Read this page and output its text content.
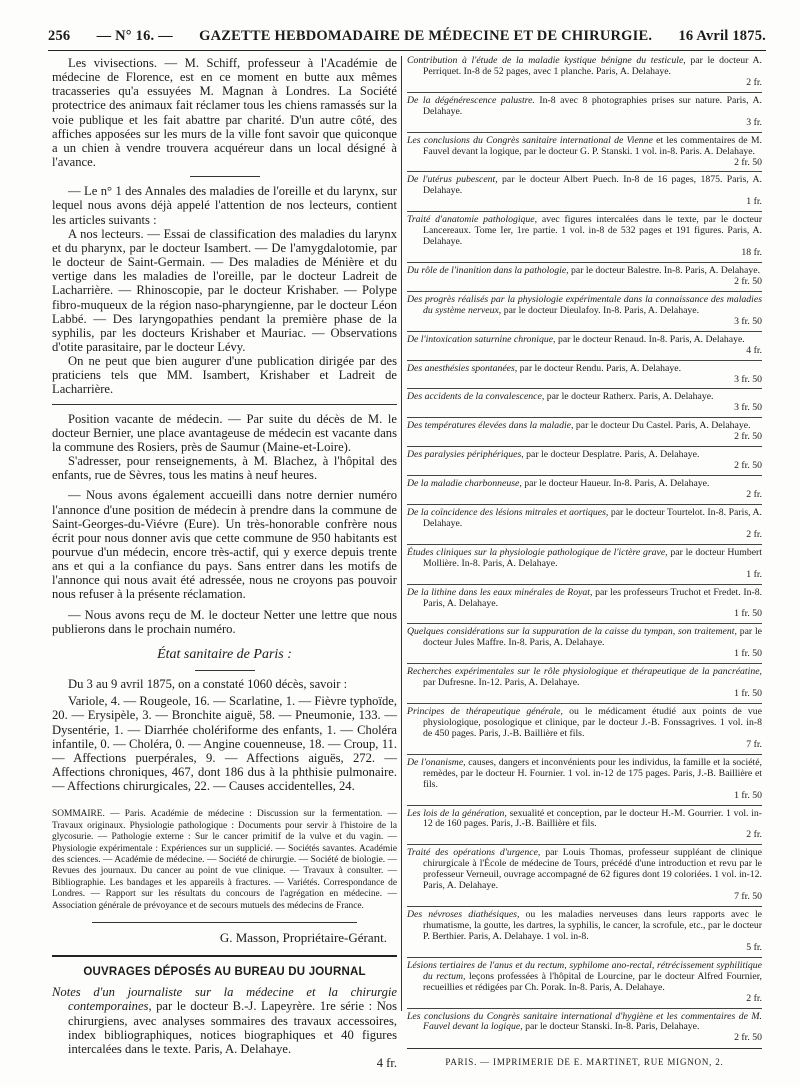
256 — N° 16. — GAZETTE HEBDOMADAIRE DE MÉDECINE ET DE CHIRURGIE. 16 Avril 1875.

Les vivisections. — M. Schiff, professeur à l'Académie de médecine de Florence, est en ce moment en butte aux mêmes tracasseries qu'a essuyées M. Magnan à Londres. La Société protectrice des animaux fait réclamer tous les chiens ramassés sur la voie publique et les fait abattre par charité. D'un autre côté, des affiches apposées sur les murs de la ville font savoir que quiconque a un chien à vendre trouvera acquéreur dans un local désigné à l'avance.

— Le n° 1 des Annales des maladies de l'oreille et du larynx, sur lequel nous avons déjà appelé l'attention de nos lecteurs, contient les articles suivants :

A nos lecteurs. — Essai de classification des maladies du larynx et du pharynx, par le docteur Isambert. — De l'amygdalotomie, par le docteur de Saint-Germain. — Des maladies de Ménière et du vertige dans les maladies de l'oreille, par le docteur Ladreit de Lacharrière. — Rhinoscopie, par le docteur Krishaber. — Polype fibro-muqueux de la région naso-pharyngienne, par le docteur Léon Labbé. — Des laryngopathies pendant la première phase de la syphilis, par les docteurs Krishaber et Mauriac. — Observations d'otite parasitaire, par le docteur Lévy.

On ne peut que bien augurer d'une publication dirigée par des praticiens tels que MM. Isambert, Krishaber et Ladreit de Lacharrière.

Position vacante de médecin. — Par suite du décès de M. le docteur Bernier, une place avantageuse de médecin est vacante dans la commune des Rosiers, près de Saumur (Maine-et-Loire).

S'adresser, pour renseignements, à M. Blachez, à l'hôpital des enfants, rue de Sèvres, tous les matins à neuf heures.

— Nous avons également accueilli dans notre dernier numéro l'annonce d'une position de médecin à prendre dans la commune de Saint-Georges-du-Viévre (Eure). Un très-honorable confrère nous écrit pour nous donner avis que cette commune de 950 habitants est pourvue d'un médecin, encore très-actif, qui y exerce depuis trente ans et qui a la confiance du pays. Sans entrer dans les motifs de l'annonce qui nous avait été adressée, nous ne croyons pas pouvoir nous refuser à la présente réclamation.

— Nous avons reçu de M. le docteur Netter une lettre que nous publierons dans le prochain numéro.

État sanitaire de Paris :

Du 3 au 9 avril 1875, on a constaté 1060 décès, savoir :

Variole, 4. — Rougeole, 16. — Scarlatine, 1. — Fièvre typhoïde, 20. — Erysipèle, 3. — Bronchite aiguë, 58. — Pneumonie, 133. — Dysentérie, 1. — Diarrhée cholériforme des enfants, 1. — Choléra infantile, 0. — Choléra, 0. — Angine couenneuse, 18. — Croup, 11. — Affections puerpérales, 9. — Affections aiguës, 272. — Affections chroniques, 467, dont 186 dus à la phthisie pulmonaire. — Affections chirurgicales, 22. — Causes accidentelles, 24.

SOMMAIRE. — Paris. Académie de médecine : Discussion sur la fermentation. — Travaux originaux. Physiologie pathologique : Documents pour servir à l'histoire de la glycosurie. — Pathologie externe : Sur le cancer primitif de la vulve et du vagin. — Physiologie expérimentale : Expériences sur un supplicié. — Sociétés savantes. Académie des sciences. — Académie de médecine. — Société de chirurgie. — Société de biologie. — Revues des journaux. Du cancer au point de vue clinique. — Travaux à consulter. — Bibliographie. Les bandages et les appareils à fractures. — Variétés. Correspondance de Londres. — Rapport sur les résultats du concours de l'agrégation en médecine. — Association générale de prévoyance et de secours mutuels des médecins de France.

G. Masson, Propriétaire-Gérant.

OUVRAGES DÉPOSÉS AU BUREAU DU JOURNAL

Notes d'un journaliste sur la médecine et la chirurgie contemporaines, par le docteur B.-J. Lapeyrère. 1re série : Nos chirurgiens, avec analyses sommaires des travaux accessoires, index bibliographiques, notices biographiques et 40 figures intercalées dans le texte. Paris, A. Delahaye.

4 fr.

Contribution à l'étude de la maladie kystique bénigne du testicule, par le docteur A. Perriquet. In-8 de 52 pages, avec 1 planche. Paris, A. Delahaye.

2 fr.

De la dégénérescence palustre. In-8 avec 8 photographies prises sur nature. Paris, A. Delahaye.

3 fr.

Les conclusions du Congrès sanitaire international de Vienne et les commentaires de M. Fauvel devant la logique, par le docteur G. P. Stanski. 1 vol. in-8. Paris. A. Delahaye.

2 fr. 50

De l'utérus pubescent, par le docteur Albert Puech. In-8 de 16 pages, 1875. Paris, A. Delahaye.

1 fr.

Traité d'anatomie pathologique, avec figures intercalées dans le texte, par le docteur Lancereaux. Tome Ier, 1re partie. 1 vol. in-8 de 532 pages et 191 figures. Paris, A. Delahaye.

18 fr.

Du rôle de l'inanition dans la pathologie, par le docteur Balestre. In-8. Paris, A. Delahaye.

2 fr. 50

Des progrès réalisés par la physiologie expérimentale dans la connaissance des maladies du système nerveux, par le docteur Dieulafoy. In-8. Paris, A. Delahaye.

3 fr. 50

De l'intoxication saturnine chronique, par le docteur Renaud. In-8. Paris, A. Delahaye.

4 fr.

Des anesthésies spontanées, par le docteur Rendu. Paris, A. Delahaye.

3 fr. 50

Des accidents de la convalescence, par le docteur Ratherx. Paris, A. Delahaye.

3 fr. 50

Des températures élevées dans la maladie, par le docteur Du Castel. Paris, A. Delahaye.

2 fr. 50

Des paralysies périphériques, par le docteur Desplatre. Paris, A. Delahaye.

2 fr. 50

De la maladie charbonneuse, par le docteur Haueur. In-8. Paris, A. Delahaye.

2 fr.

De la coïncidence des lésions mitrales et aortiques, par le docteur Tourtelot. In-8. Paris, A. Delahaye.

2 fr.

Études cliniques sur la physiologie pathologique de l'ictère grave, par le docteur Humbert Mollière. In-8. Paris, A. Delahaye.

1 fr.

De la lithine dans les eaux minérales de Royat, par les professeurs Truchot et Fredet. In-8. Paris, A. Delahaye.

1 fr. 50

Quelques considérations sur la suppuration de la caisse du tympan, son traitement, par le docteur Jules Maffre. In-8. Paris, A. Delahaye.

1 fr. 50

Recherches expérimentales sur le rôle physiologique et thérapeutique de la pancréatine, par Dufresne. In-12. Paris, A. Delahaye.

1 fr. 50

Principes de thérapeutique générale, ou le médicament étudié aux points de vue physiologique, posologique et clinique, par le docteur J.-B. Fonssagrives. 1 vol. in-8 de 450 pages. Paris, J.-B. Baillière et fils.

7 fr.

De l'onanisme, causes, dangers et inconvénients pour les individus, la famille et la société, remèdes, par le docteur H. Fournier. 1 vol. in-12 de 175 pages. Paris, J.-B. Baillière et fils.

1 fr. 50

Les lois de la génération, sexualité et conception, par le docteur H.-M. Gourrier. 1 vol. in-12 de 160 pages. Paris, J.-B. Baillière et fils.

2 fr.

Traité des opérations d'urgence, par Louis Thomas, professeur suppléant de clinique chirurgicale à l'École de médecine de Tours, précédé d'une introduction et revu par le professeur Verneuil, ouvrage accompagné de 62 figures dont 19 coloriées. 1 vol. in-12. Paris, A. Delahaye.

7 fr. 50

Des névroses diathésiques, ou les maladies nerveuses dans leurs rapports avec le rhumatisme, la goutte, les dartres, la syphilis, le cancer, la scrofule, etc., par le docteur P. Berthier. Paris, A. Delahaye. 1 vol. in-8.

5 fr.

Lésions tertiaires de l'anus et du rectum, syphilome ano-rectal, rétrécissement syphilitique du rectum, leçons professées à l'hôpital de Lourcine, par le docteur Alfred Fournier, recueillies et rédigées par Ch. Porak. In-8. Paris, A. Delahaye.

2 fr.

Les conclusions du Congrès sanitaire international d'hygiène et les commentaires de M. Fauvel devant la logique, par le docteur Stanski. In-8. Paris, Delahaye.

2 fr. 50

PARIS. — IMPRIMERIE DE E. MARTINET, RUE MIGNON, 2.
